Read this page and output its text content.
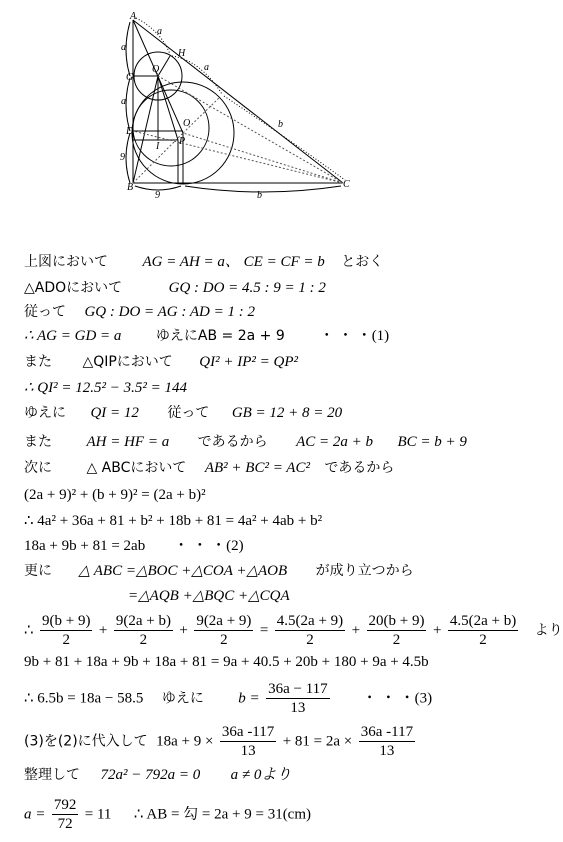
A
H
G
Q
D
O
I P
B	C
a
a
a
b
a
9
9	b
上図において AG = AH = a、 CE = CF = b とおく
△ADOにおいて	GQ : DO = 4.5 : 9 = 1 : 2
従って GQ : DO = AG : AD = 1 : 2
∴ AG = GD = a ゆえにAB = 2a + 9 ・ ・ ・(1)
また △QIPにおいて QI² + IP² = QP²
∴ QI² = 12.5² − 3.5² = 144
ゆえに QI = 12 従って GB = 12 + 8 = 20
また AH = HF = a であるから AC = 2a + b BC = b + 9
次に △ ABCにおいて AB² + BC² = AC² であるから
(2a + 9)² + (b + 9)² = (2a + b)²
∴ 4a² + 36a + 81 + b² + 18b + 81 = 4a² + 4ab + b²
18a + 9b + 81 = 2ab ・ ・ ・(2)
更に △ ABC =△BOC +△COA +△AOB が成り立つから
=△AQB +△BQC +△CQA
∴ $\frac{9(b + 9)}{2} + \frac{9(2a + b)}{2} + \frac{9(2a + 9)}{2} = \frac{4.5(2a + 9)}{2} + \frac{20(b + 9)}{2} + \frac{4.5(2a + b)}{2}$ より
9b + 81 + 18a + 9b + 18a + 81 = 9a + 40.5 + 20b + 180 + 9a + 4.5b
∴ 6.5b = 18a − 58.5 ゆえに $b = \frac{36a - 117}{13}$ ・ ・ ・(3)
(3)を(2)に代入して $18a + 9 \times \frac{36a -117}{13} + 81 = 2a \times \frac{36a -117}{13}$
整理して 72a² − 792a = 0 a ≠ 0より
$a = \frac{792}{72} = 11$ ∴ AB = 勾 = 2a + 9 = 31(cm)
